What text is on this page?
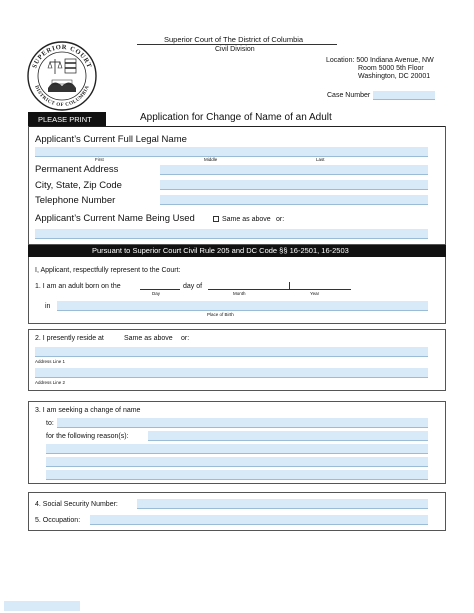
SUPERIOR COURT
DISTRICT OF COLUMBIA
Superior Court of The District of Columbia
Civil Division
Location: 500 Indiana Avenue, NW
Room 5000 5th Floor
Washington, DC 20001
Case Number
PLEASE PRINT	Application for Change of Name of an Adult
Applicant’s Current Full Legal Name
First	Middle	Last
Permanent Address
City, State, Zip Code
Telephone Number
Applicant’s Current Name Being Used	Same as above or:
Pursuant to Superior Court Civil Rule 205 and DC Code §§ 16-2501, 16-2503
I, Applicant, respectfully represent to the Court:
1. I am an adult born on the	day of
Day	Month	Year
in
Place of Birth
2. I presently reside at	Same as above or:
Address Line 1
Address Line 2
3. I am seeking a change of name
to:
for the following reason(s):
4. Social Security Number:
5. Occupation:
